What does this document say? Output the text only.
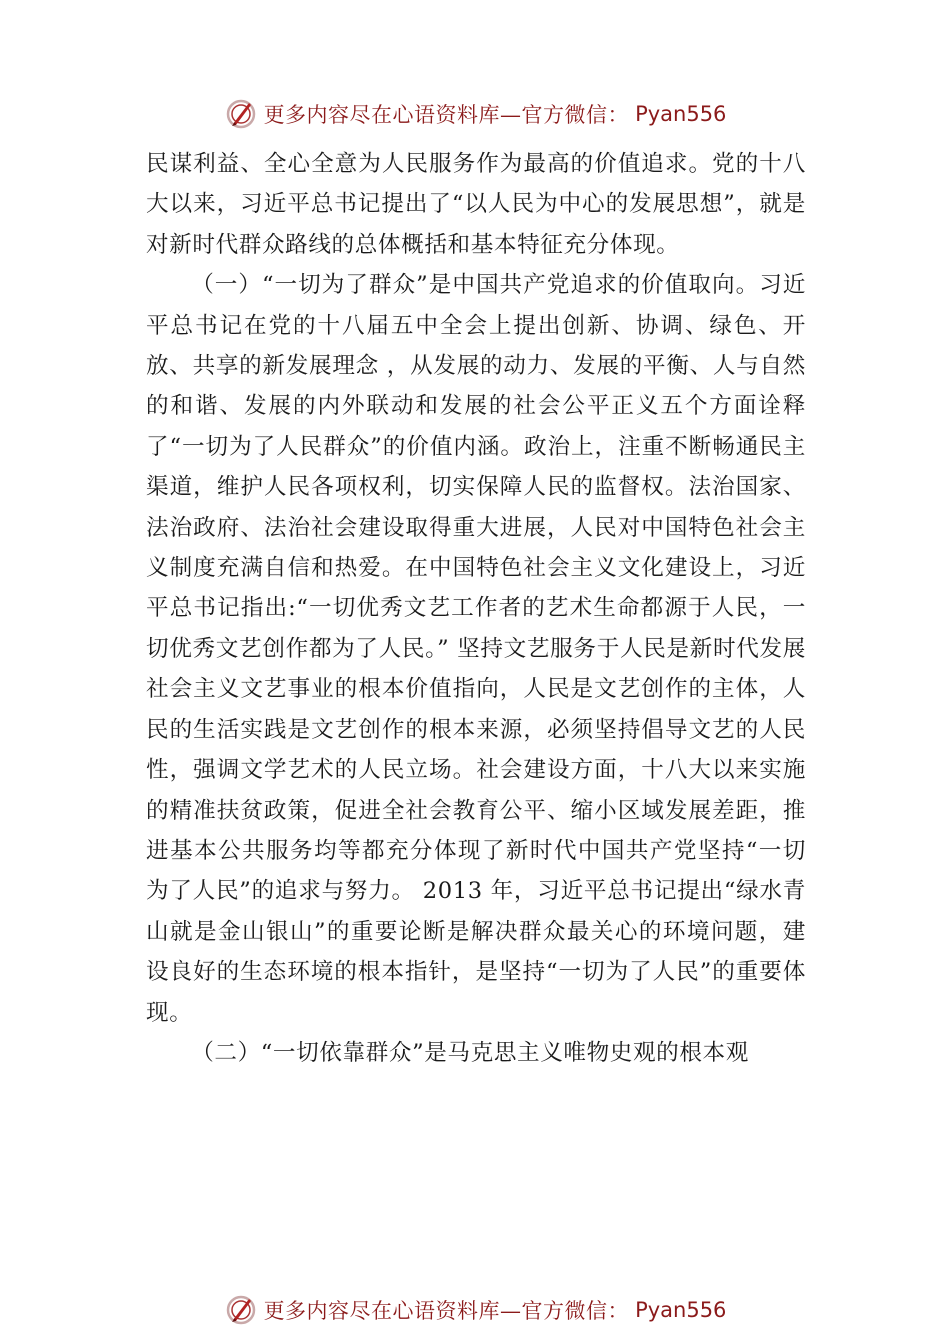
更多内容尽在心语资料库—官方微信： Pyan556

民谋利益、全心全意为人民服务作为最高的价值追求。党的十八大以来，习近平总书记提出了“以人民为中心的发展思想”，就是对新时代群众路线的总体概括和基本特征充分体现。

（一）“一切为了群众”是中国共产党追求的价值取向。习近平总书记在党的十八届五中全会上提出创新、协调、绿色、开放、共享的新发展理念 ，从发展的动力、发展的平衡、人与自然的和谐、发展的内外联动和发展的社会公平正义五个方面诠释了“一切为了人民群众”的价值内涵。政治上，注重不断畅通民主渠道，维护人民各项权利，切实保障人民的监督权。法治国家、法治政府、法治社会建设取得重大进展，人民对中国特色社会主义制度充满自信和热爱。在中国特色社会主义文化建设上，习近平总书记指出:“一切优秀文艺工作者的艺术生命都源于人民，一切优秀文艺创作都为了人民。” 坚持文艺服务于人民是新时代发展社会主义文艺事业的根本价值指向，人民是文艺创作的主体，人民的生活实践是文艺创作的根本来源，必须坚持倡导文艺的人民性，强调文学艺术的人民立场。社会建设方面，十八大以来实施的精准扶贫政策，促进全社会教育公平、缩小区域发展差距，推进基本公共服务均等都充分体现了新时代中国共产党坚持“一切为了人民”的追求与努力。 2013 年，习近平总书记提出“绿水青山就是金山银山”的重要论断是解决群众最关心的环境问题，建设良好的生态环境的根本指针，是坚持“一切为了人民”的重要体现。

（二）“一切依靠群众”是马克思主义唯物史观的根本观

更多内容尽在心语资料库—官方微信： Pyan556
